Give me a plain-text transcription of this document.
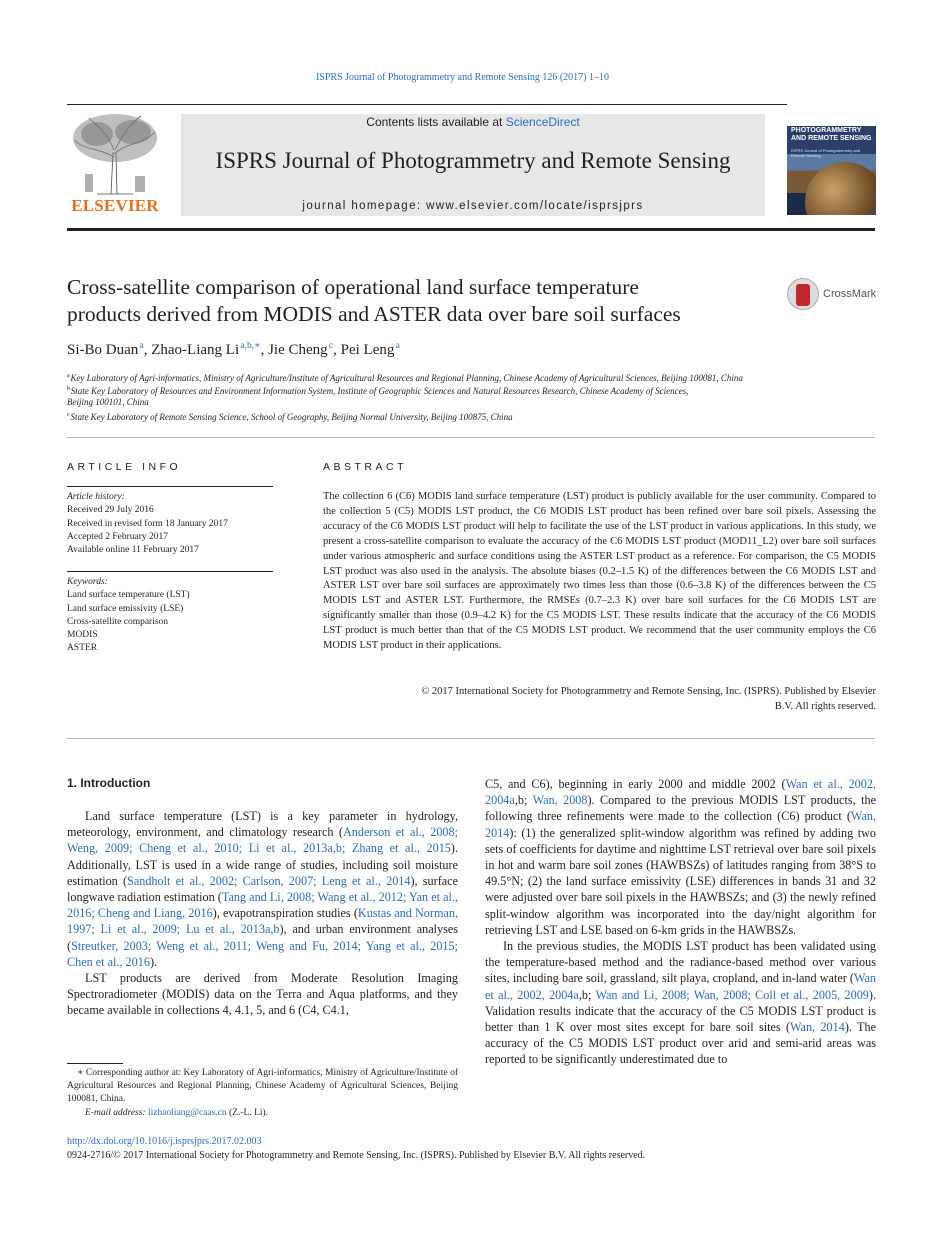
ISPRS Journal of Photogrammetry and Remote Sensing 126 (2017) 1–10
ELSEVIER
Contents lists available at ScienceDirect
ISPRS Journal of Photogrammetry and Remote Sensing
journal homepage: www.elsevier.com/locate/isprsjprs
PHOTOGRAMMETRY AND REMOTE SENSING
ISPRS Journal of Photogrammetry and Remote Sensing
Cross-satellite comparison of operational land surface temperature
products derived from MODIS and ASTER data over bare soil surfaces
CrossMark
Si-Bo Duan $^a$, Zhao-Liang Li $^{a,b,∗}$, Jie Cheng $^c$, Pei Leng $^a$
$^a$ Key Laboratory of Agri-informatics, Ministry of Agriculture/Institute of Agricultural Resources and Regional Planning, Chinese Academy of Agricultural Sciences, Beijing 100081, China
$^b$ State Key Laboratory of Resources and Environment Information System, Institute of Geographic Sciences and Natural Resources Research, Chinese Academy of Sciences,
Beijing 100101, China
$^c$ State Key Laboratory of Remote Sensing Science, School of Geography, Beijing Normal University, Beijing 100875, China
ARTICLE INFO
Article history:
Received 29 July 2016
Received in revised form 18 January 2017
Accepted 2 February 2017
Available online 11 February 2017
Keywords:
Land surface temperature (LST)
Land surface emissivity (LSE)
Cross-satellite comparison
MODIS
ASTER
ABSTRACT
The collection 6 (C6) MODIS land surface temperature (LST) product is publicly available for the user community. Compared to the collection 5 (C5) MODIS LST product, the C6 MODIS LST product has been refined over bare soil pixels. Assessing the accuracy of the C6 MODIS LST product will help to facilitate the use of the LST product in various applications. In this study, we present a cross-satellite comparison to evaluate the accuracy of the C6 MODIS LST product (MOD11_L2) over bare soil surfaces under various atmospheric and surface conditions using the ASTER LST product as a reference. For comparison, the C5 MODIS LST product was also used in the analysis. The absolute biases (0.2–1.5 K) of the differences between the C6 MODIS LST and ASTER LST over bare soil surfaces are approximately two times less than those (0.6–3.8 K) of the differences between the C5 MODIS LST and ASTER LST. Furthermore, the RMSEs (0.7–2.3 K) over bare soil surfaces for the C6 MODIS LST are significantly smaller than those (0.9–4.2 K) for the C5 MODIS LST. These results indicate that the accuracy of the C6 MODIS LST product is much better than that of the C5 MODIS LST product. We recommend that the user community employs the C6 MODIS LST product in their applications.
© 2017 International Society for Photogrammetry and Remote Sensing, Inc. (ISPRS). Published by Elsevier
B.V. All rights reserved.
1. Introduction

Land surface temperature (LST) is a key parameter in hydrology, meteorology, environment, and climatology research (Anderson et al., 2008; Weng, 2009; Cheng et al., 2010; Li et al., 2013a,b; Zhang et al., 2015). Additionally, LST is used in a wide range of studies, including soil moisture estimation (Sandholt et al., 2002; Carlson, 2007; Leng et al., 2014), surface longwave radiation estimation (Tang and Li, 2008; Wang et al., 2012; Yan et al., 2016; Cheng and Liang, 2016), evapotranspiration studies (Kustas and Norman, 1997; Li et al., 2009; Lu et al., 2013a,b), and urban environment analyses (Streutker, 2003; Weng et al., 2011; Weng and Fu, 2014; Yang et al., 2015; Chen et al., 2016).

LST products are derived from Moderate Resolution Imaging Spectroradiometer (MODIS) data on the Terra and Aqua platforms, and they became available in collections 4, 4.1, 5, and 6 (C4, C4.1,

C5, and C6), beginning in early 2000 and middle 2002 (Wan et al., 2002, 2004a,b; Wan, 2008). Compared to the previous MODIS LST products, the following three refinements were made to the collection (C6) product (Wan, 2014): (1) the generalized split-window algorithm was refined by adding two sets of coefficients for daytime and nighttime LST retrieval over bare soil pixels in hot and warm bare soil zones (HAWBSZs) of latitudes ranging from 38°S to 49.5°N; (2) the land surface emissivity (LSE) differences in bands 31 and 32 were adjusted over bare soil pixels in the HAWBSZs; and (3) the newly refined split-window algorithm was incorporated into the day/night algorithm for retrieving LST and LSE based on 6-km grids in the HAWBSZs.

In the previous studies, the MODIS LST product has been validated using the temperature-based method and the radiance-based method over various sites, including bare soil, grassland, silt playa, cropland, and in-land water (Wan et al., 2002, 2004a,b; Wan and Li, 2008; Wan, 2008; Coll et al., 2005, 2009). Validation results indicate that the accuracy of the C5 MODIS LST product is better than 1 K over most sites except for bare soil sites (Wan, 2014). The accuracy of the C5 MODIS LST product over arid and semi-arid areas was reported to be significantly underestimated due to

∗ Corresponding author at: Key Laboratory of Agri-informatics, Ministry of Agriculture/Institute of Agricultural Resources and Regional Planning, Chinese Academy of Agricultural Sciences, Beijing 100081, China.
E-mail address: lizhaoliang@caas.cn (Z.-L. Li).
http://dx.doi.org/10.1016/j.isprsjprs.2017.02.003
0924-2716/© 2017 International Society for Photogrammetry and Remote Sensing, Inc. (ISPRS). Published by Elsevier B.V. All rights reserved.
